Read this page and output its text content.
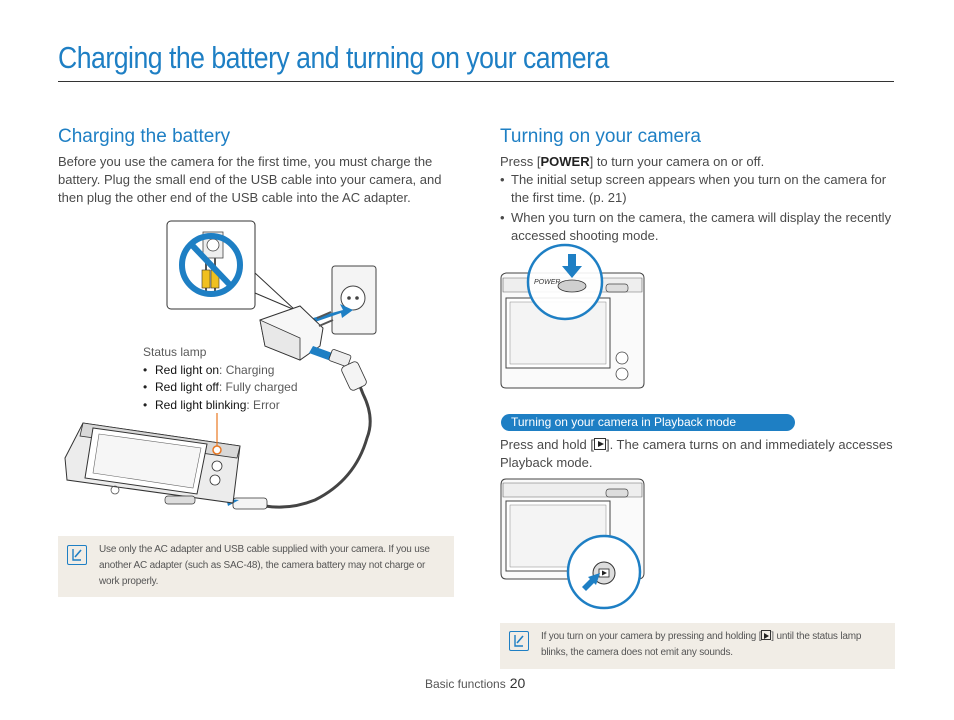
Charging the battery and turning on your camera
Charging the battery

Before you use the camera for the first time, you must charge the battery. Plug the small end of the USB cable into your camera, and then plug the other end of the USB cable into the AC adapter.

Status lamp
• Red light on: Charging
• Red light off: Fully charged
• Red light blinking: Error

Use only the AC adapter and USB cable supplied with your camera. If you use another AC adapter (such as SAC-48), the camera battery may not charge or work properly.

Turning on your camera
Press [POWER] to turn your camera on or off.
• The initial setup screen appears when you turn on the camera for the first time. (p. 21)
• When you turn on the camera, the camera will display the recently accessed shooting mode.
POWER
Turning on your camera in Playback mode
Press and hold [ ]. The camera turns on and immediately accesses Playback mode.

If you turn on your camera by pressing and holding [ ] until the status lamp blinks, the camera does not emit any sounds.

Basic functions 20
